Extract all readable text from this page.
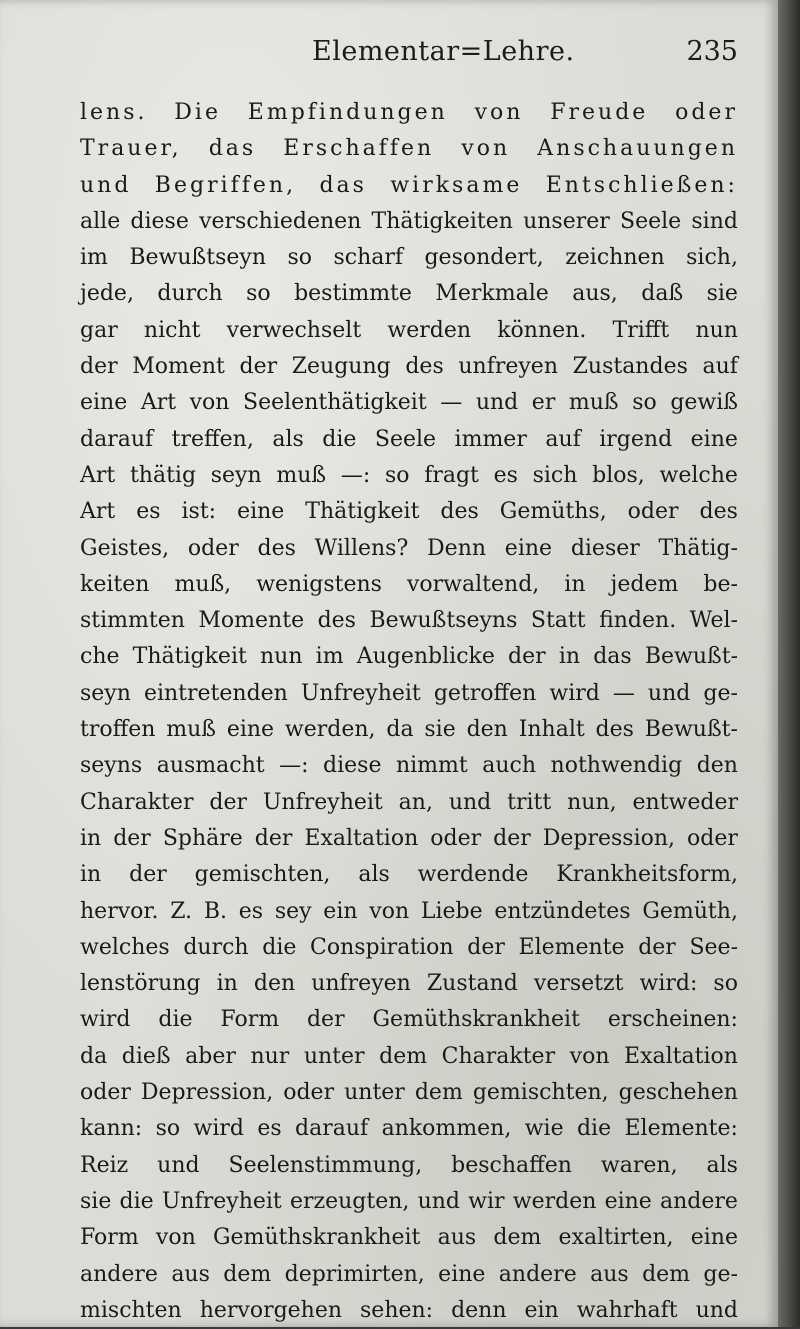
Elementar=Lehre.	235
lens. Die Empfindungen von Freude oder
Trauer, das Erschaffen von Anschauungen
und Begriffen, das wirksame Entschließen:
alle diese verschiedenen Thätigkeiten unserer Seele sind
im Bewußtseyn so scharf gesondert, zeichnen sich,
jede, durch so bestimmte Merkmale aus, daß sie
gar nicht verwechselt werden können. Trifft nun
der Moment der Zeugung des unfreyen Zustandes auf
eine Art von Seelenthätigkeit — und er muß so gewiß
darauf treffen, als die Seele immer auf irgend eine
Art thätig seyn muß —: so fragt es sich blos, welche
Art es ist: eine Thätigkeit des Gemüths, oder des
Geistes, oder des Willens? Denn eine dieser Thätig-
keiten muß, wenigstens vorwaltend, in jedem be-
stimmten Momente des Bewußtseyns Statt finden. Wel-
che Thätigkeit nun im Augenblicke der in das Bewußt-
seyn eintretenden Unfreyheit getroffen wird — und ge-
troffen muß eine werden, da sie den Inhalt des Bewußt-
seyns ausmacht —: diese nimmt auch nothwendig den
Charakter der Unfreyheit an, und tritt nun, entweder
in der Sphäre der Exaltation oder der Depression, oder
in der gemischten, als werdende Krankheitsform,
hervor. Z. B. es sey ein von Liebe entzündetes Gemüth,
welches durch die Conspiration der Elemente der See-
lenstörung in den unfreyen Zustand versetzt wird: so
wird die Form der Gemüthskrankheit erscheinen:
da dieß aber nur unter dem Charakter von Exaltation
oder Depression, oder unter dem gemischten, geschehen
kann: so wird es darauf ankommen, wie die Elemente:
Reiz und Seelenstimmung, beschaffen waren, als
sie die Unfreyheit erzeugten, und wir werden eine andere
Form von Gemüthskrankheit aus dem exaltirten, eine
andere aus dem deprimirten, eine andere aus dem ge-
mischten hervorgehen sehen: denn ein wahrhaft und
